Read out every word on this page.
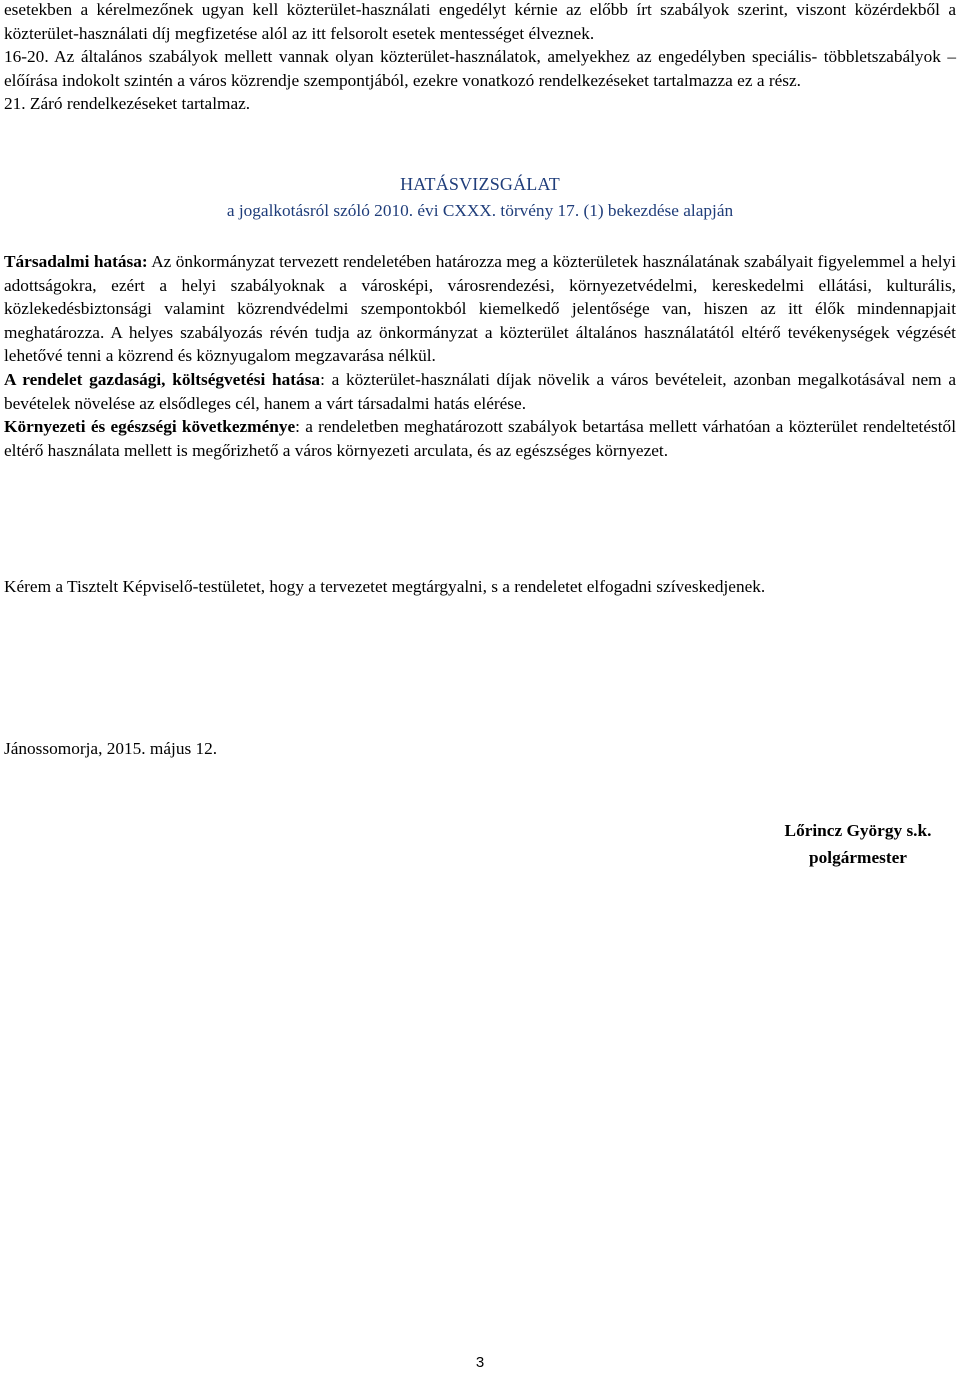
esetekben a kérelmezőnek ugyan kell közterület-használati engedélyt kérnie az előbb írt szabályok szerint, viszont közérdekből a közterület-használati díj megfizetése alól az itt felsorolt esetek mentességet élveznek.

16-20. Az általános szabályok mellett vannak olyan közterület-használatok, amelyekhez az engedélyben speciális- többletszabályok – előírása indokolt szintén a város közrendje szempontjából, ezekre vonatkozó rendelkezéseket tartalmazza ez a rész.

21. Záró rendelkezéseket tartalmaz.

HATÁSVIZSGÁLAT
a jogalkotásról szóló 2010. évi CXXX. törvény 17. (1) bekezdése alapján

Társadalmi hatása: Az önkormányzat tervezett rendeletében határozza meg a közterületek használatának szabályait figyelemmel a helyi adottságokra, ezért a helyi szabályoknak a városképi, városrendezési, környezetvédelmi, kereskedelmi ellátási, kulturális, közlekedésbiztonsági valamint közrendvédelmi szempontokból kiemelkedő jelentősége van, hiszen az itt élők mindennapjait meghatározza. A helyes szabályozás révén tudja az önkormányzat a közterület általános használatától eltérő tevékenységek végzését lehetővé tenni a közrend és köznyugalom megzavarása nélkül.

A rendelet gazdasági, költségvetési hatása: a közterület-használati díjak növelik a város bevételeit, azonban megalkotásával nem a bevételek növelése az elsődleges cél, hanem a várt társadalmi hatás elérése.

Környezeti és egészségi következménye: a rendeletben meghatározott szabályok betartása mellett várhatóan a közterület rendeltetéstől eltérő használata mellett is megőrizhető a város környezeti arculata, és az egészséges környezet.

Kérem a Tisztelt Képviselő-testületet, hogy a tervezetet megtárgyalni, s a rendeletet elfogadni szíveskedjenek.
Jánossomorja, 2015. május 12.
Lőrincz György s.k.
polgármester
3
